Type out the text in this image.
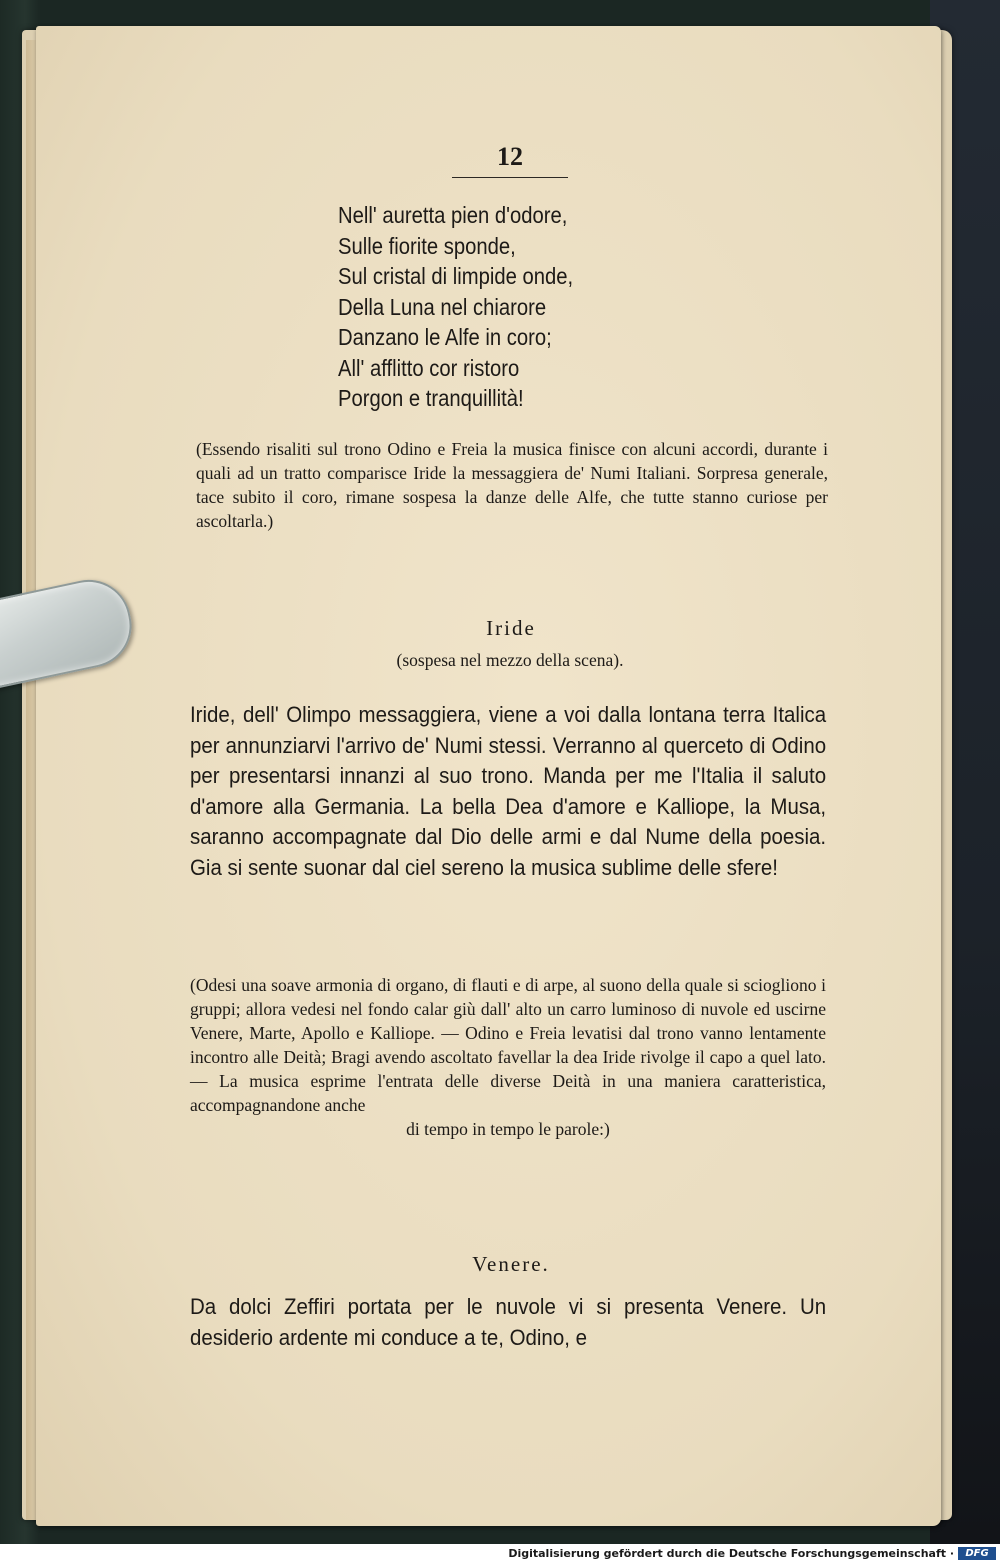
12
Nell' auretta pien d'odore,
Sulle fiorite sponde,
Sul cristal di limpide onde,
Della Luna nel chiarore
Danzano le Alfe in coro;
All' afflitto cor ristoro
Porgon e tranquillità!
(Essendo risaliti sul trono Odino e Freia la musica finisce con alcuni accordi, durante i quali ad un tratto comparisce Iride la messaggiera de' Numi Italiani. Sorpresa generale, tace subito il coro, rimane sospesa la danze delle Alfe, che tutte stanno curiose per ascoltarla.)
Iride
(sospesa nel mezzo della scena).
Iride, dell' Olimpo messaggiera, viene a voi dalla lontana terra Italica per annunziarvi l'arrivo de' Numi stessi. Verranno al querceto di Odino per presentarsi innanzi al suo trono. Manda per me l'Italia il saluto d'amore alla Germania. La bella Dea d'amore e Kalliope, la Musa, saranno accompagnate dal Dio delle armi e dal Nume della poesia. Gia si sente suonar dal ciel sereno la musica sublime delle sfere!
(Odesi una soave armonia di organo, di flauti e di arpe, al suono della quale si sciogliono i gruppi; allora vedesi nel fondo calar giù dall' alto un carro luminoso di nuvole ed uscirne Venere, Marte, Apollo e Kalliope. — Odino e Freia levatisi dal trono vanno lentamente incontro alle Deità; Bragi avendo ascoltato favellar la dea Iride rivolge il capo a quel lato. — La musica esprime l'entrata delle diverse Deità in una maniera caratteristica, accompagnandone anche
di tempo in tempo le parole:)
Venere.
Da dolci Zeffiri portata per le nuvole vi si presenta Venere. Un desiderio ardente mi conduce a te, Odino, e
Digitalisierung gefördert durch die Deutsche Forschungsgemeinschaft ·	DFG
